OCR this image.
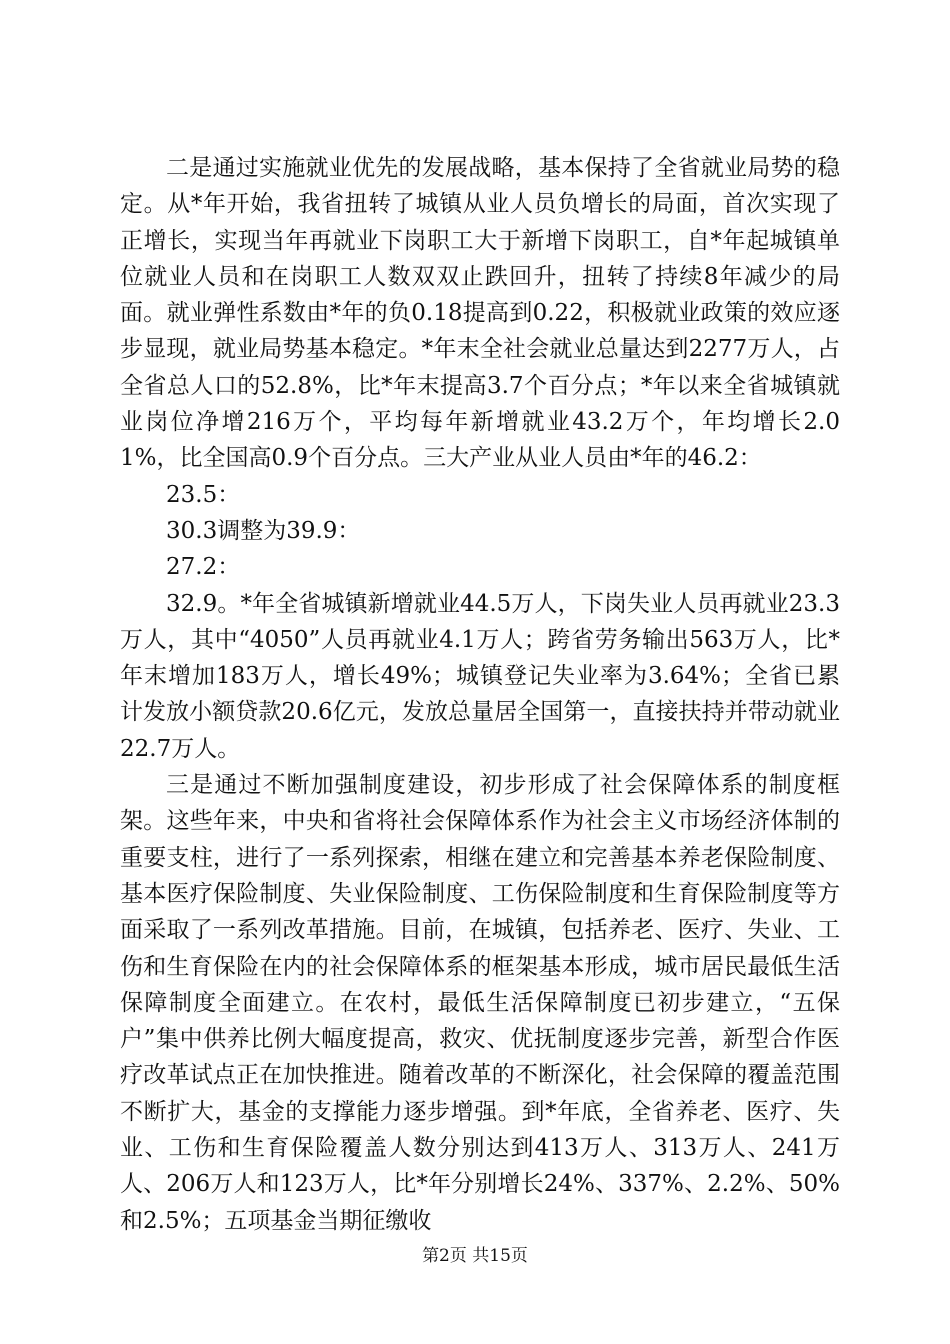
二是通过实施就业优先的发展战略，基本保持了全省就业局势的稳定。从*年开始，我省扭转了城镇从业人员负增长的局面，首次实现了正增长，实现当年再就业下岗职工大于新增下岗职工，自*年起城镇单位就业人员和在岗职工人数双双止跌回升，扭转了持续8年减少的局面。就业弹性系数由*年的负0.18提高到0.22，积极就业政策的效应逐步显现，就业局势基本稳定。*年末全社会就业总量达到2277万人，占全省总人口的52.8%，比*年末提高3.7个百分点；*年以来全省城镇就业岗位净增216万个，平均每年新增就业43.2万个，年均增长2.01%，比全国高0.9个百分点。三大产业从业人员由*年的46.2：

23.5：

30.3调整为39.9：

27.2：

32.9。*年全省城镇新增就业44.5万人，下岗失业人员再就业23.3万人，其中“4050”人员再就业4.1万人；跨省劳务输出563万人，比*年末增加183万人，增长49%；城镇登记失业率为3.64%；全省已累计发放小额贷款20.6亿元，发放总量居全国第一，直接扶持并带动就业22.7万人。

三是通过不断加强制度建设，初步形成了社会保障体系的制度框架。这些年来，中央和省将社会保障体系作为社会主义市场经济体制的重要支柱，进行了一系列探索，相继在建立和完善基本养老保险制度、基本医疗保险制度、失业保险制度、工伤保险制度和生育保险制度等方面采取了一系列改革措施。目前，在城镇，包括养老、医疗、失业、工伤和生育保险在内的社会保障体系的框架基本形成，城市居民最低生活保障制度全面建立。在农村，最低生活保障制度已初步建立，“五保户”集中供养比例大幅度提高，救灾、优抚制度逐步完善，新型合作医疗改革试点正在加快推进。随着改革的不断深化，社会保障的覆盖范围不断扩大，基金的支撑能力逐步增强。到*年底，全省养老、医疗、失业、工伤和生育保险覆盖人数分别达到413万人、313万人、241万人、206万人和123万人，比*年分别增长24%、337%、2.2%、50%和2.5%；五项基金当期征缴收

第2页 共15页
